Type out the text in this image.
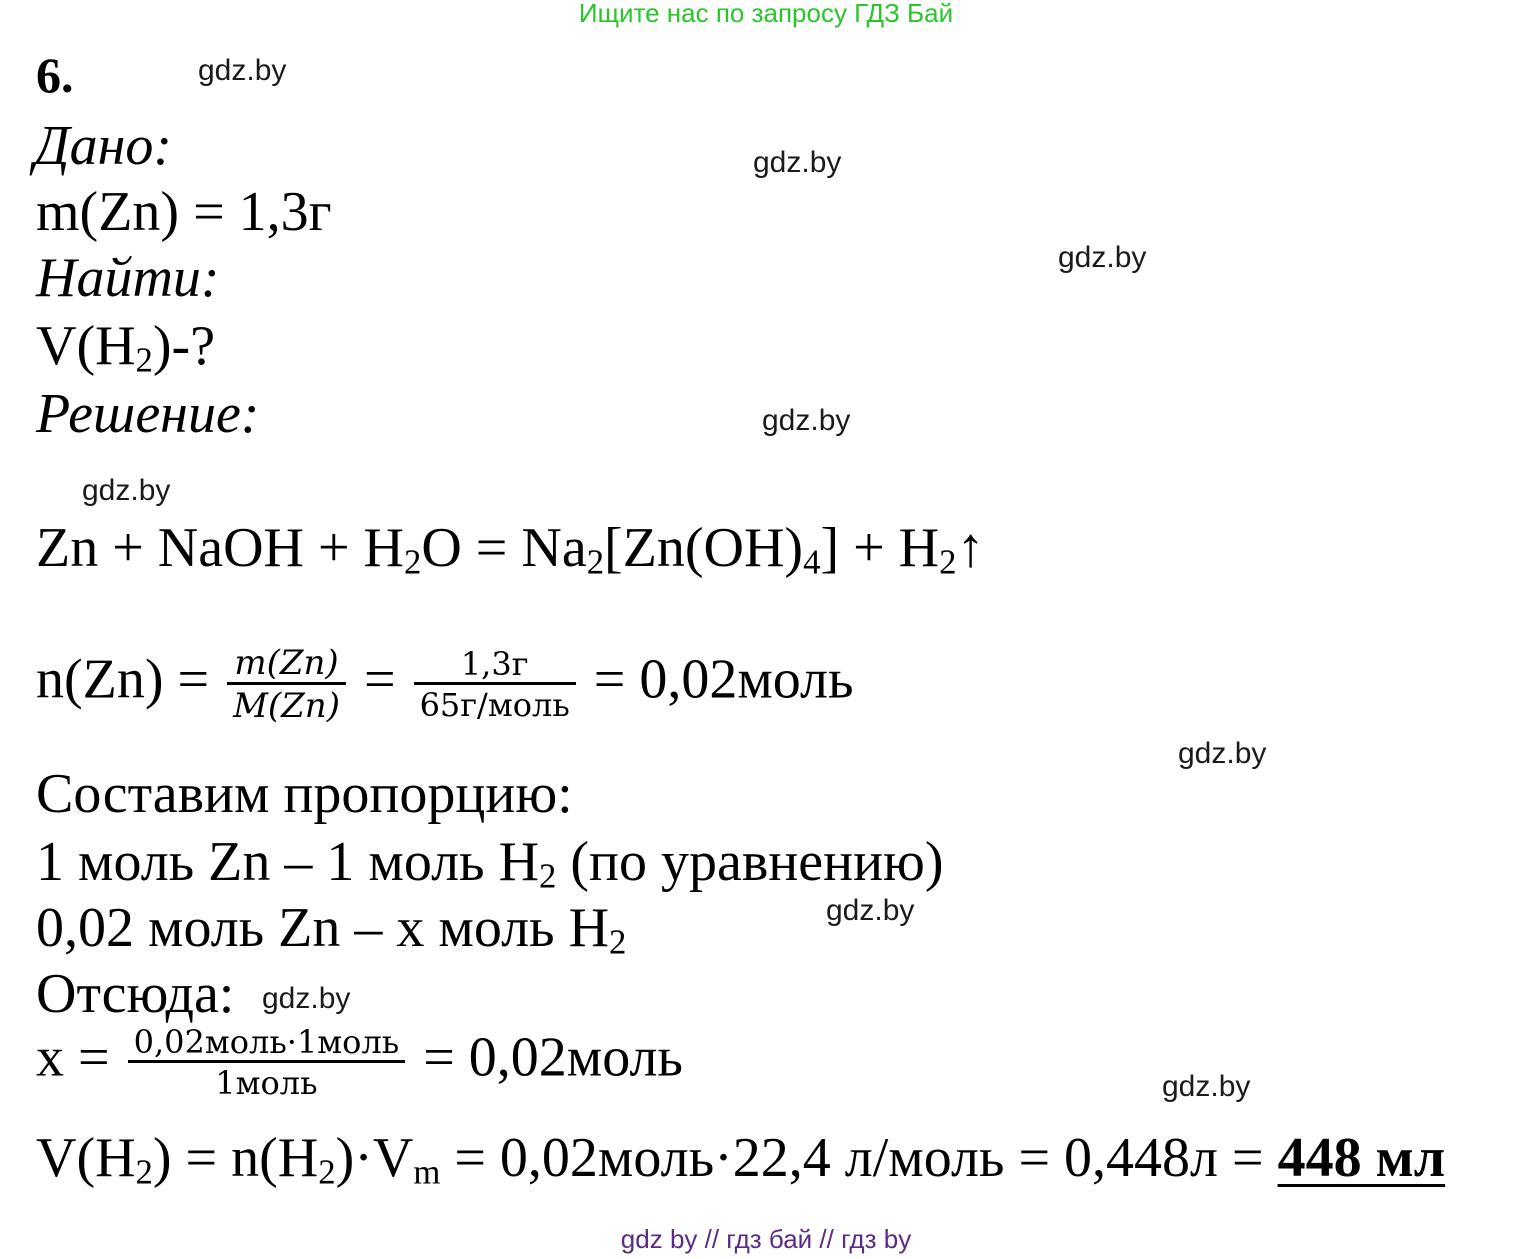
Ищите нас по запросу ГДЗ Бай
6.	gdz.by
gdz.by
gdz.by
gdz.by
gdz.by
gdz.by
gdz.by
gdz.by
gdz.by
Дано:
m(Zn) = 1,3г
Найти:
$V(H_2)-$?
Решение:
Zn + NaOH + $H_2O = Na_2[Zn(OH)_4]$ + $H_2↑$
$n(Zn) = \frac{m(Zn)}{M(Zn)} = \frac{1,3г}{\text{65г/моль}}$ = 0,02моль
Составим пропорцию:
1 моль Zn – 1 моль $H_2$ (по уравнению)
0,02 моль Zn – x моль $H_2$
Отсюда:
$x = \frac{\text{0,02моль·1моль}}{\text{1моль}}$ = 0,02моль
$V(H_2) = n(H_2)\cdot V_m$ = 0,02моль·22,4 л/моль = 0,448л = 448 мл
gdz by // гдз бай // гдз by
